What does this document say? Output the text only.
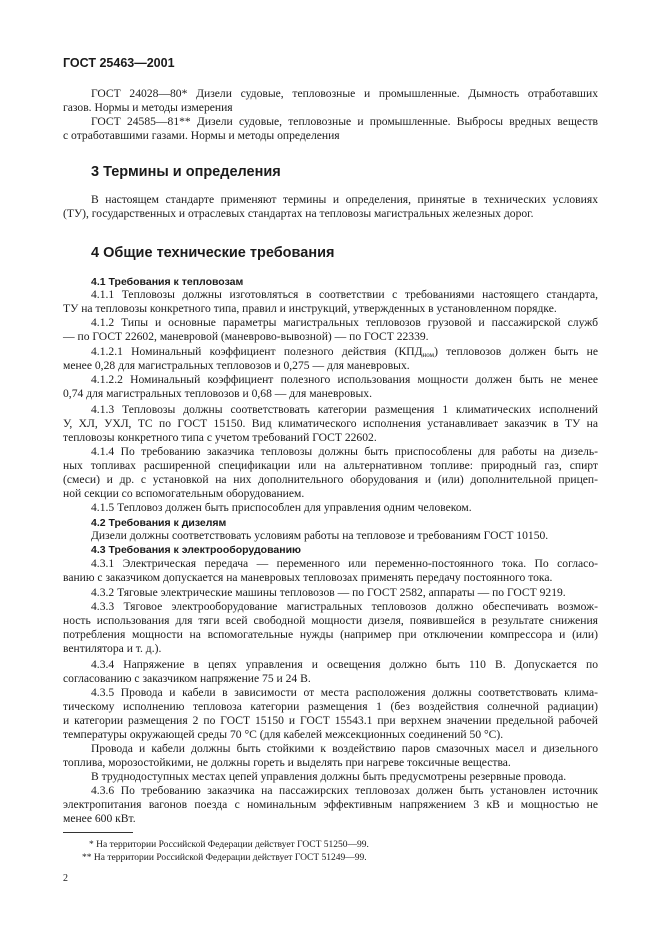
ГОСТ 25463—2001
ГОСТ 24028—80* Дизели судовые, тепловозные и промышленные. Дымность отработавших
газов. Нормы и методы измерения
ГОСТ 24585—81** Дизели судовые, тепловозные и промышленные. Выбросы вредных веществ
с отработавшими газами. Нормы и методы определения
3 Термины и определения
В настоящем стандарте применяют термины и определения, принятые в технических условиях
(ТУ), государственных и отраслевых стандартах на тепловозы магистральных железных дорог.
4 Общие технические требования
4.1 Требования к тепловозам
4.1.1 Тепловозы должны изготовляться в соответствии с требованиями настоящего стандарта,
ТУ на тепловозы конкретного типа, правил и инструкций, утвержденных в установленном порядке.
4.1.2 Типы и основные параметры магистральных тепловозов грузовой и пассажирской служб
— по ГОСТ 22602, маневровой (маневрово-вывозной) — по ГОСТ 22339.
4.1.2.1 Номинальный коэффициент полезного действия $(КПД_{ном})$ тепловозов должен быть не
менее 0,28 для магистральных тепловозов и 0,275 — для маневровых.
4.1.2.2 Номинальный коэффициент полезного использования мощности должен быть не менее
0,74 для магистральных тепловозов и 0,68 — для маневровых.
4.1.3 Тепловозы должны соответствовать категории размещения 1 климатических исполнений
У, ХЛ, УХЛ, ТС по ГОСТ 15150. Вид климатического исполнения устанавливает заказчик в ТУ на
тепловозы конкретного типа с учетом требований ГОСТ 22602.
4.1.4 По требованию заказчика тепловозы должны быть приспособлены для работы на дизель-
ных топливах расширенной спецификации или на альтернативном топливе: природный газ, спирт
(смеси) и др. с установкой на них дополнительного оборудования и (или) дополнительной прицеп-
ной секции со вспомогательным оборудованием.
4.1.5 Тепловоз должен быть приспособлен для управления одним человеком.
4.2 Требования к дизелям
Дизели должны соответствовать условиям работы на тепловозе и требованиям ГОСТ 10150.
4.3 Требования к электрооборудованию
4.3.1 Электрическая передача — переменного или переменно-постоянного тока. По согласо-
ванию с заказчиком допускается на маневровых тепловозах применять передачу постоянного тока.
4.3.2 Тяговые электрические машины тепловозов — по ГОСТ 2582, аппараты — по ГОСТ 9219.
4.3.3 Тяговое электрооборудование магистральных тепловозов должно обеспечивать возмож-
ность использования для тяги всей свободной мощности дизеля, появившейся в результате снижения
потребления мощности на вспомогательные нужды (например при отключении компрессора и (или)
вентилятора и т. д.).
4.3.4 Напряжение в цепях управления и освещения должно быть 110 В. Допускается по
согласованию с заказчиком напряжение 75 и 24 В.
4.3.5 Провода и кабели в зависимости от места расположения должны соответствовать клима-
тическому исполнению тепловоза категории размещения 1 (без воздействия солнечной радиации)
и категории размещения 2 по ГОСТ 15150 и ГОСТ 15543.1 при верхнем значении предельной рабочей
температуры окружающей среды 70 °С (для кабелей межсекционных соединений 50 °С).
Провода и кабели должны быть стойкими к воздействию паров смазочных масел и дизельного
топлива, морозостойкими, не должны гореть и выделять при нагреве токсичные вещества.
В труднодоступных местах цепей управления должны быть предусмотрены резервные провода.
4.3.6 По требованию заказчика на пассажирских тепловозах должен быть установлен источник
электропитания вагонов поезда с номинальным эффективным напряжением 3 кВ и мощностью не
менее 600 кВт.
* На территории Российской Федерации действует ГОСТ 51250—99.
** На территории Российской Федерации действует ГОСТ 51249—99.
2
